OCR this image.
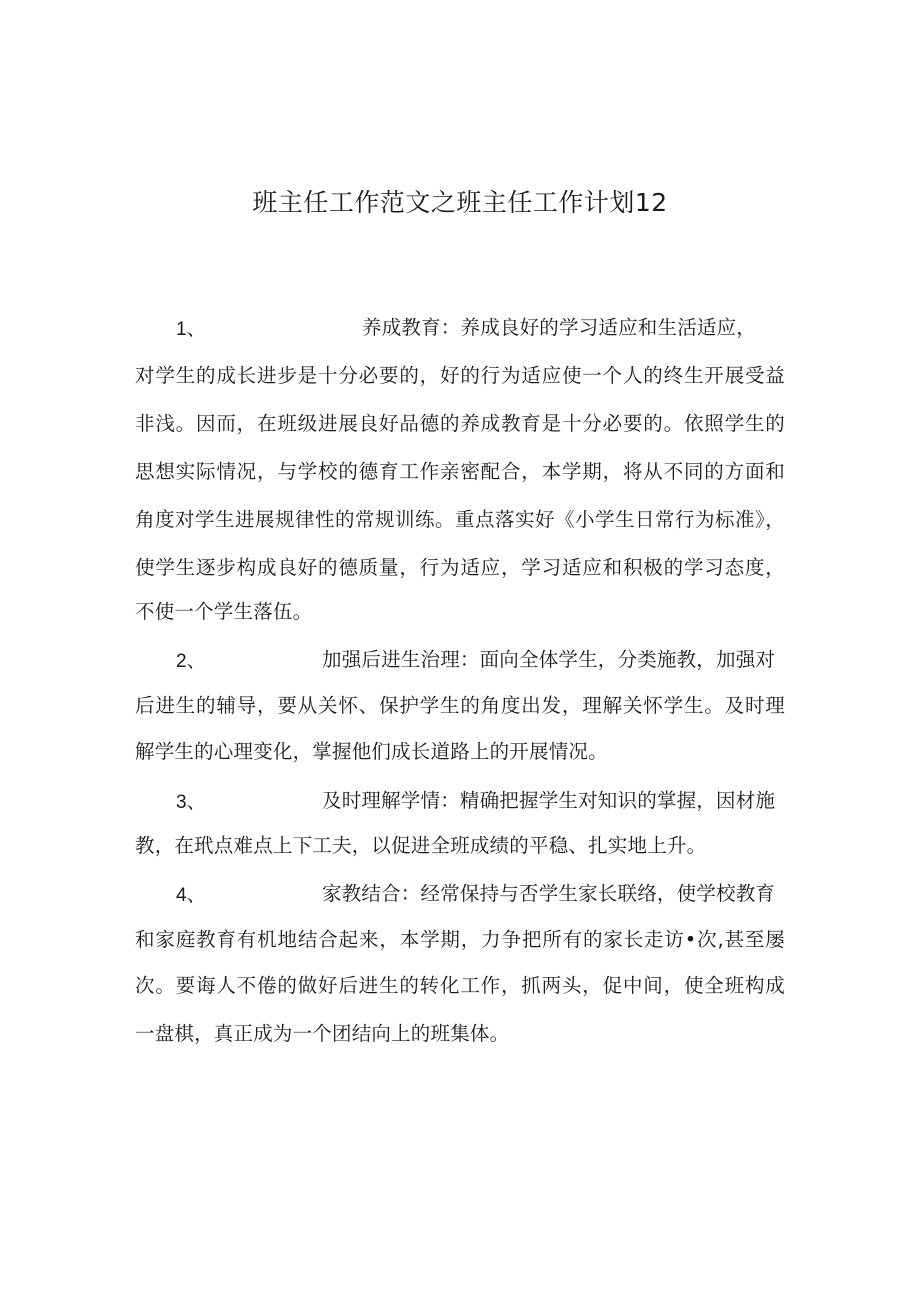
班主任工作范文之班主任工作计划12

1、	养成教育：养成良好的学习适应和生活适应，

对学生的成长进步是十分必要的，好的行为适应使一个人的终生开展受益

非浅。因而，在班级进展良好品德的养成教育是十分必要的。依照学生的

思想实际情况，与学校的德育工作亲密配合，本学期，将从不同的方面和

角度对学生进展规律性的常规训练。重点落实好《小学生日常行为标准》，

使学生逐步构成良好的德质量，行为适应，学习适应和积极的学习态度，

不使一个学生落伍。

2、	加强后进生治理：面向全体学生，分类施教，加强对

后进生的辅导，要从关怀、保护学生的角度出发，理解关怀学生。及时理

解学生的心理变化，掌握他们成长道路上的开展情况。

3、	及时理解学情：精确把握学生对知识的掌握，因材施

教，在玳点难点上下工夫，以促进全班成绩的平稳、扎实地上升。

4、	家教结合：经常保持与否学生家长联络，使学校教育

和家庭教育有机地结合起来，本学期，力争把所有的家长走访•次,甚至屡

次。要诲人不倦的做好后进生的转化工作，抓两头，促中间，使全班构成

一盘棋，真正成为一个团结向上的班集体。
